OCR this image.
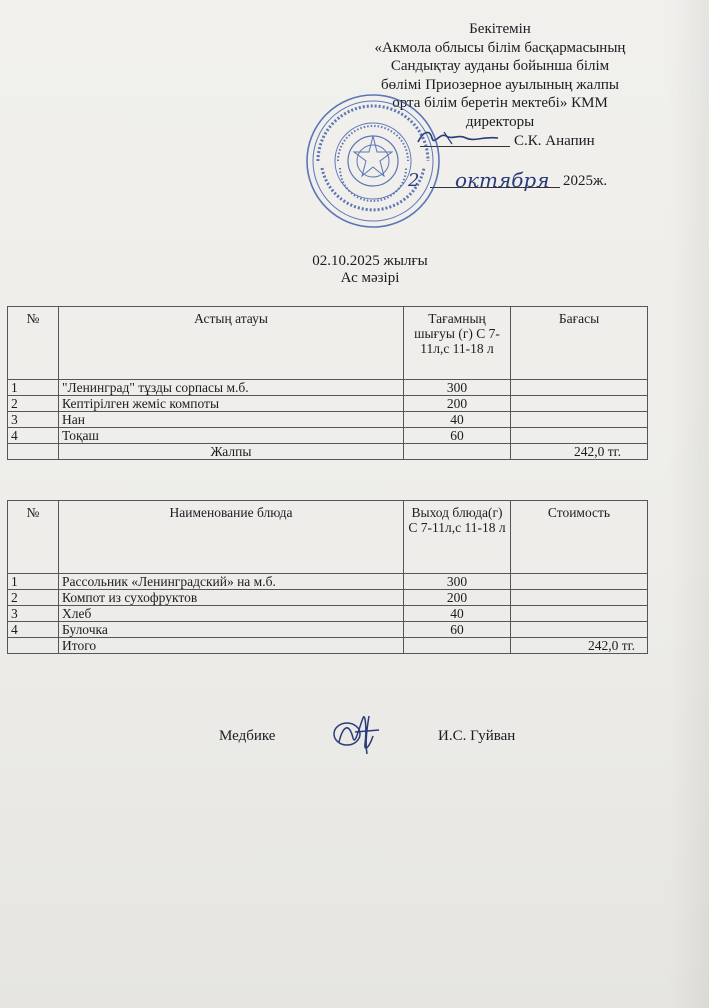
Бекітемін
«Акмола облысы білім басқармасының
Сандықтау ауданы бойынша білім
бөлімі Приозерное ауылының жалпы
орта білім беретін мектебі» КММ
директоры
С.К. Анапин
2 октября 2025ж.
02.10.2025 жылғы
Ас мәзірі
№	Астың атауы	Тағамның шығуы (г) С 7-11л,с 11-18 л	Бағасы
1	"Ленинград" тұзды сорпасы м.б.	300	
2	Кептірілген жеміс компоты	200	
3	Нан	40	
4	Тоқаш	60	
	Жалпы		242,0 тг.
№	Наименование блюда	Выход блюда(г) С 7-11л,с 11-18 л	Стоимость
1	Рассольник «Ленинградский» на м.б.	300	
2	Компот из сухофруктов	200	
3	Хлеб	40	
4	Булочка	60	
	Итого		242,0 тг.
Медбике	И.С. Гуйван
